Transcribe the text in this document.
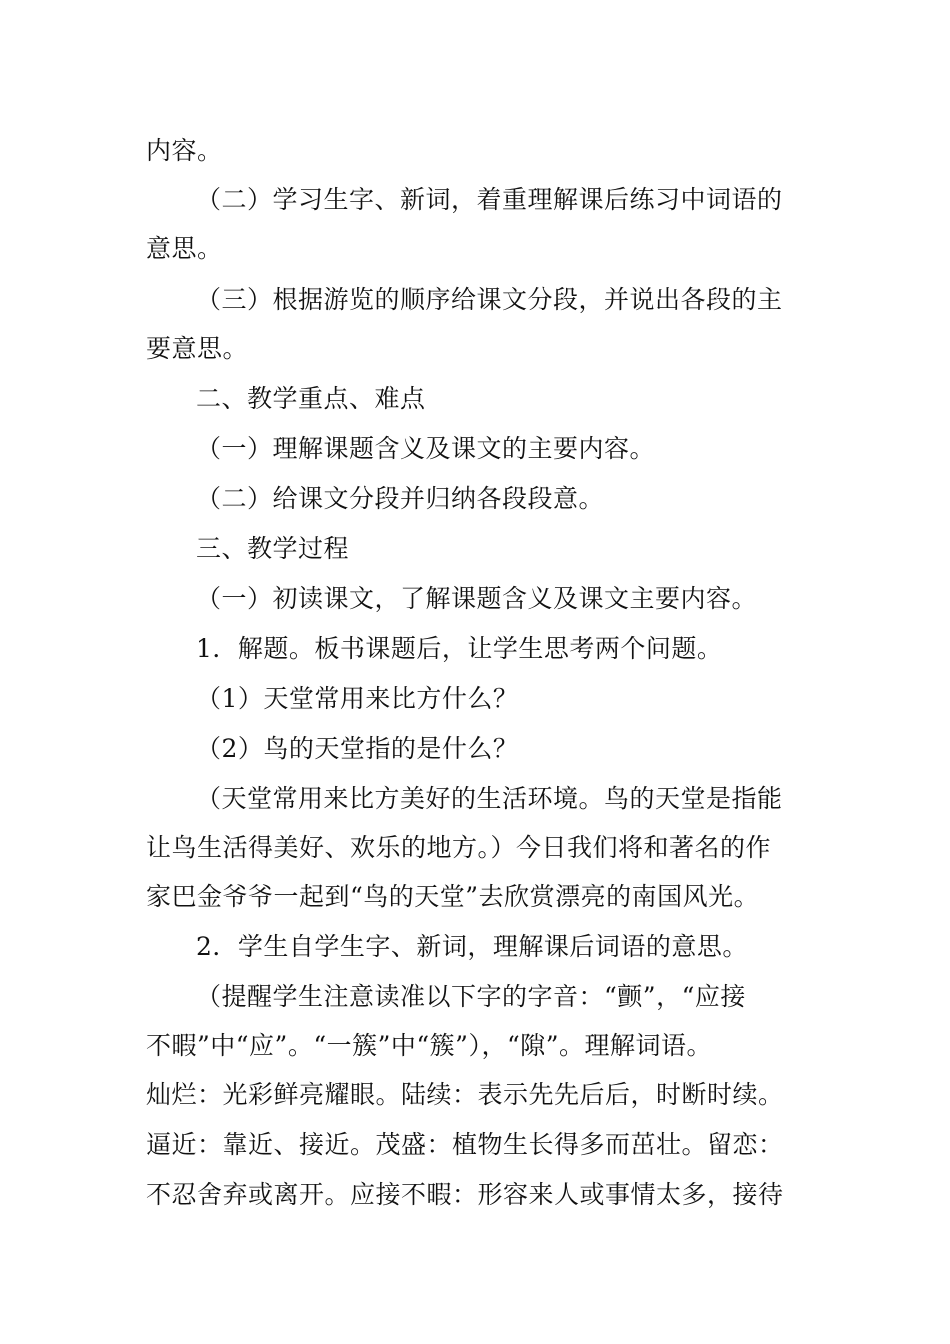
内容。
（二）学习生字、新词，着重理解课后练习中词语的
意思。
（三）根据游览的顺序给课文分段，并说出各段的主
要意思。
二、教学重点、难点
（一）理解课题含义及课文的主要内容。
（二）给课文分段并归纳各段段意。
三、教学过程
（一）初读课文，了解课题含义及课文主要内容。
1．解题。板书课题后，让学生思考两个问题。
（1）天堂常用来比方什么？
（2）鸟的天堂指的是什么？
（天堂常用来比方美好的生活环境。鸟的天堂是指能
让鸟生活得美好、欢乐的地方。）今日我们将和著名的作
家巴金爷爷一起到“鸟的天堂”去欣赏漂亮的南国风光。
2．学生自学生字、新词，理解课后词语的意思。
（提醒学生注意读准以下字的字音：“颤”，“应接
不暇”中“应”。“一簇”中“簇”），“隙”。理解词语。
灿烂：光彩鲜亮耀眼。陆续：表示先先后后，时断时续。
逼近：靠近、接近。茂盛：植物生长得多而茁壮。留恋：
不忍舍弃或离开。应接不暇：形容来人或事情太多，接待
